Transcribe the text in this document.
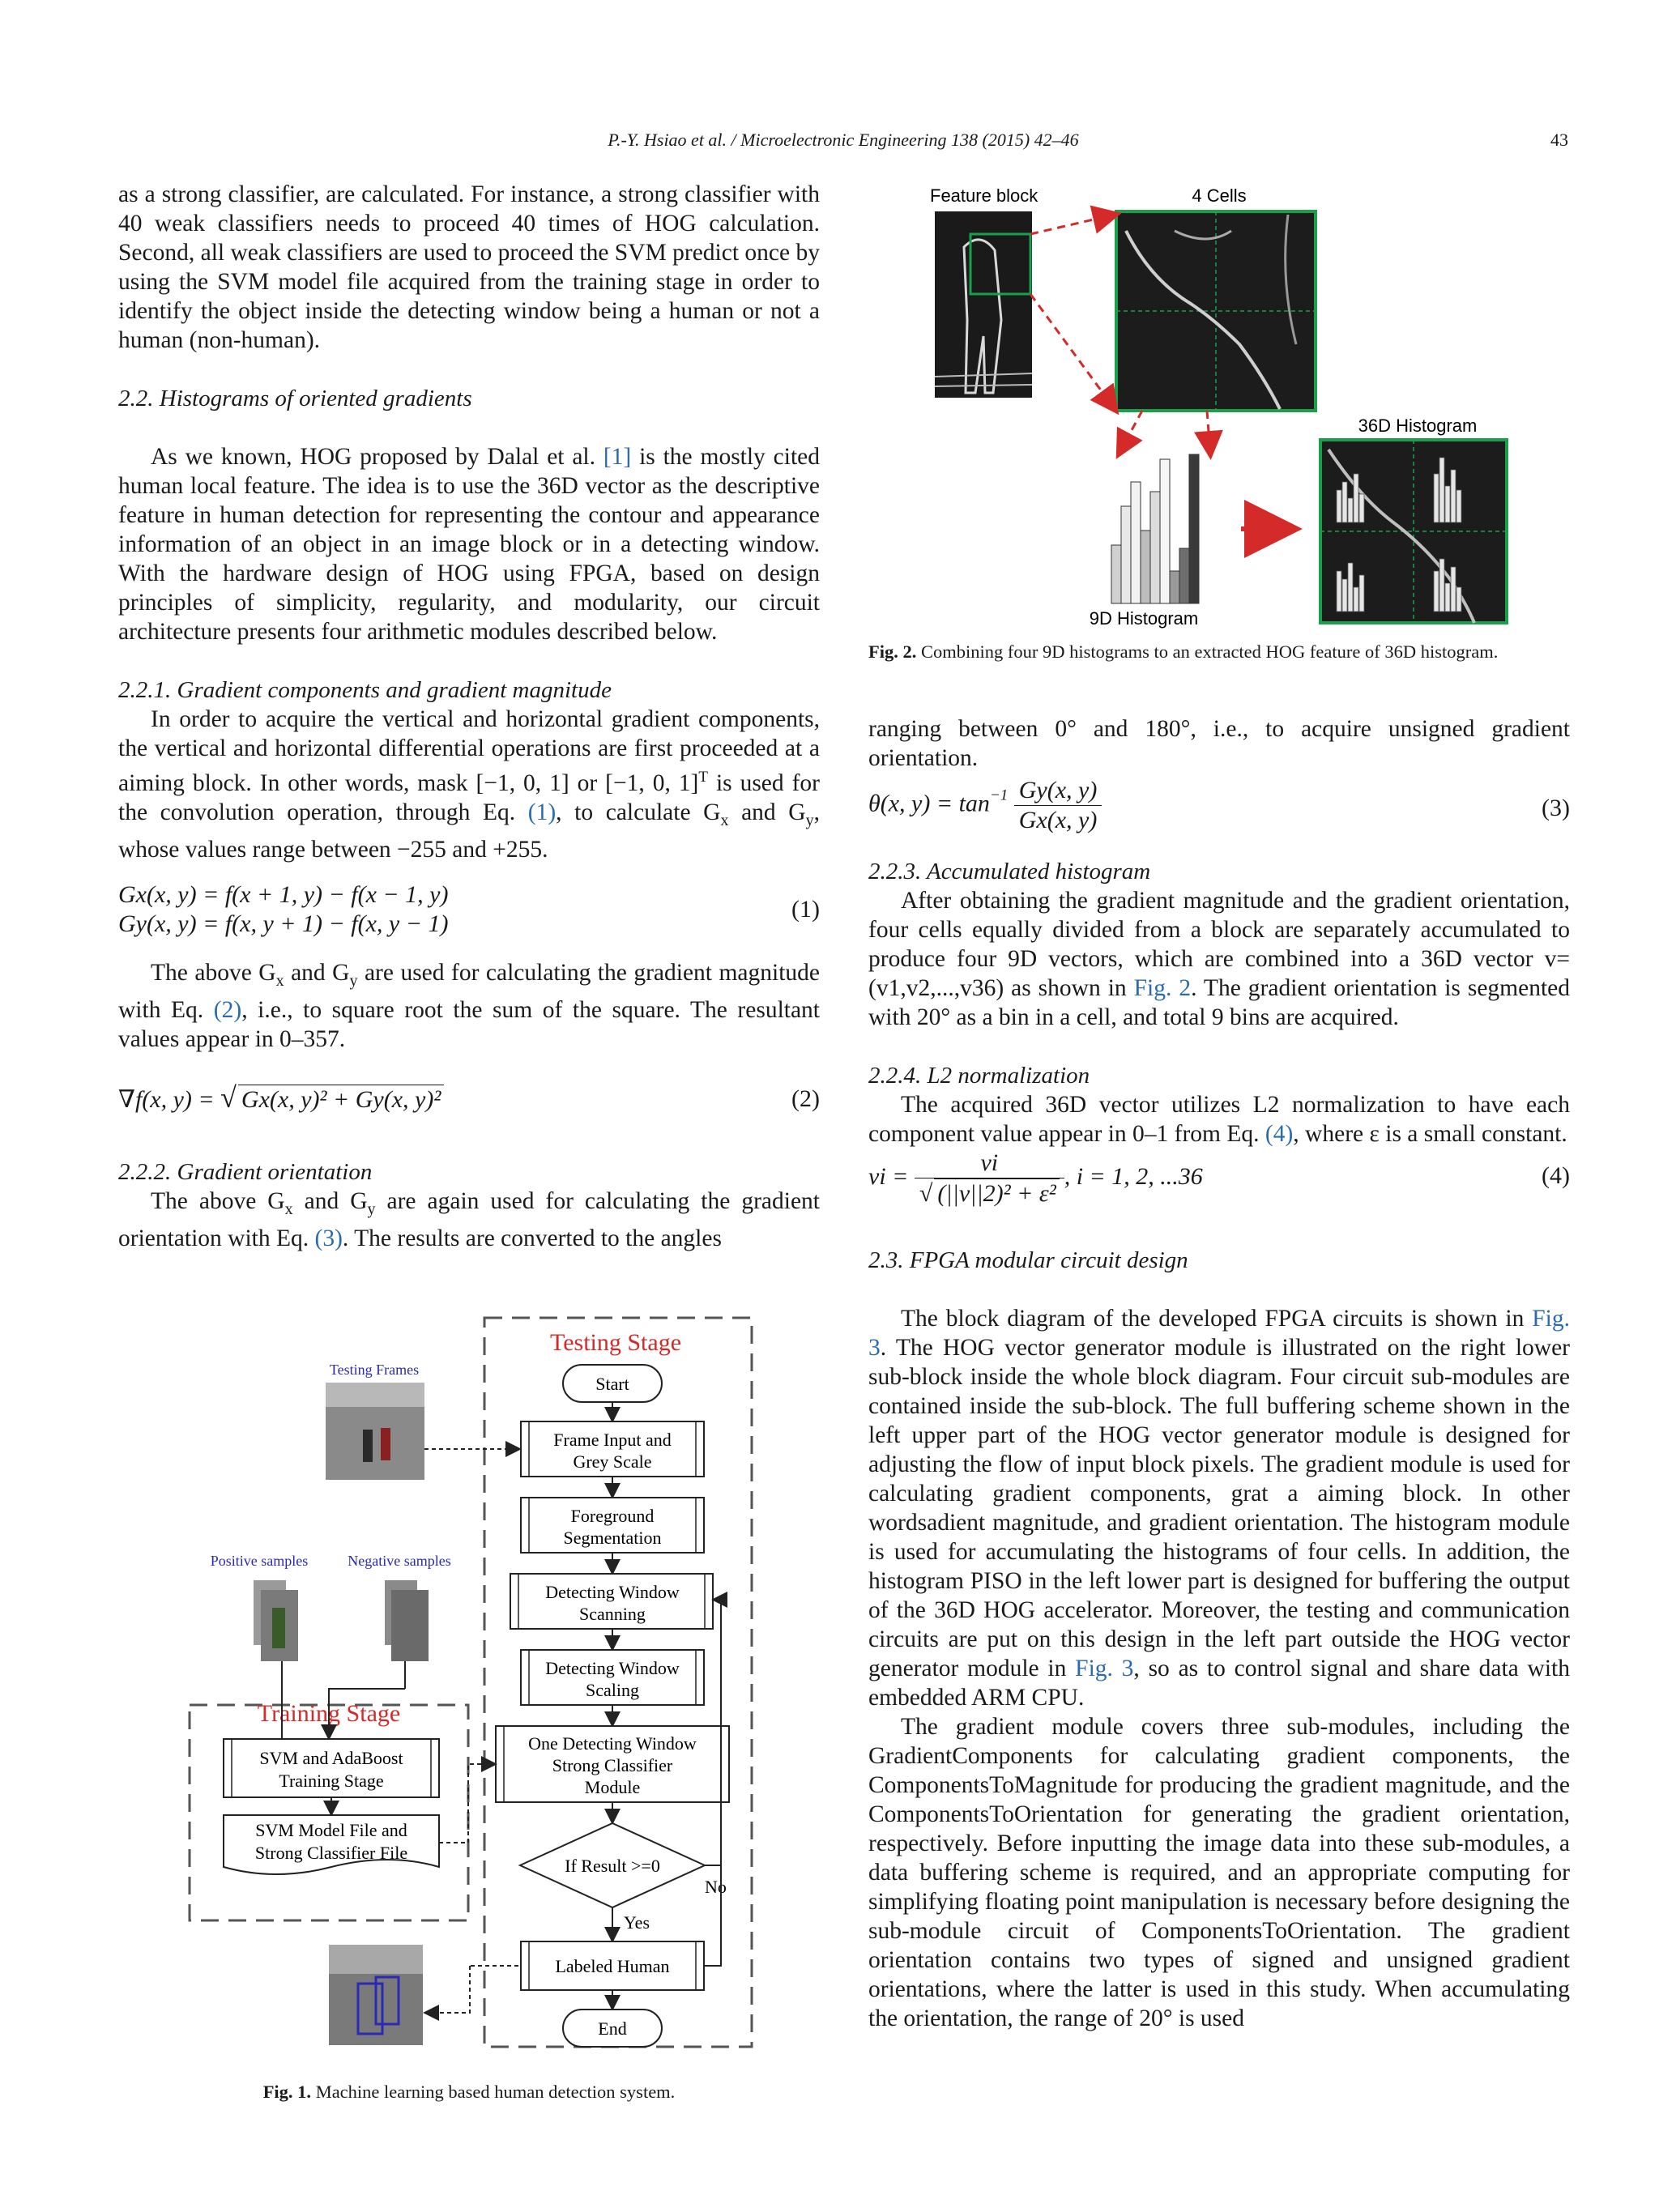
P.-Y. Hsiao et al. / Microelectronic Engineering 138 (2015) 42–46	43

as a strong classifier, are calculated. For instance, a strong classifier with 40 weak classifiers needs to proceed 40 times of HOG calculation. Second, all weak classifiers are used to proceed the SVM predict once by using the SVM model file acquired from the training stage in order to identify the object inside the detecting window being a human or not a human (non-human).

2.2. Histograms of oriented gradients

As we known, HOG proposed by Dalal et al. [1] is the mostly cited human local feature. The idea is to use the 36D vector as the descriptive feature in human detection for representing the contour and appearance information of an object in an image block or in a detecting window. With the hardware design of HOG using FPGA, based on design principles of simplicity, regularity, and modularity, our circuit architecture presents four arithmetic modules described below.

2.2.1. Gradient components and gradient magnitude

In order to acquire the vertical and horizontal gradient components, the vertical and horizontal differential operations are first proceeded at a aiming block. In other words, mask [−1, 0, 1] or [−1, 0, 1]$^T$ is used for the convolution operation, through Eq. (1), to calculate $G_x$ and $G_y$, whose values range between −255 and +255.

Gx(x, y) = f(x + 1, y) − f(x − 1, y)
Gy(x, y) = f(x, y + 1) − f(x, y − 1)
(1)

The above $G_x$ and $G_y$ are used for calculating the gradient magnitude with Eq. (2), i.e., to square root the sum of the square. The resultant values appear in 0–357.

∇f(x, y) = √ Gx(x, y)² + Gy(x, y)²	(2)
2.2.2. Gradient orientation

The above $G_x$ and $G_y$ are again used for calculating the gradient orientation with Eq. (3). The results are converted to the angles

Testing Stage
Start
Frame Input and
Grey Scale
Foreground
Segmentation
Detecting Window
Scanning
Detecting Window
Scaling
One Detecting Window
Strong Classifier
Module
If Result >=0
No
Yes
Labeled Human
End
Testing Frames
Training Stage
Positive samples	Negative samples
SVM and AdaBoost
Training Stage
SVM Model File and
Strong Classifier File
Fig. 1. Machine learning based human detection system.
Feature block	4 Cells
9D Histogram
36D Histogram
Fig. 2. Combining four 9D histograms to an extracted HOG feature of 36D histogram.

ranging between 0° and 180°, i.e., to acquire unsigned gradient orientation.

θ(x, $y) = \tan^{-1} \frac{Gy(x, y)}{Gx(x, y)}$	(3)
2.2.3. Accumulated histogram

After obtaining the gradient magnitude and the gradient orientation, four cells equally divided from a block are separately accumulated to produce four 9D vectors, which are combined into a 36D vector v=(v1,v2,...,v36) as shown in Fig. 2. The gradient orientation is segmented with 20° as a bin in a cell, and total 9 bins are acquired.

2.2.4. L2 normalization

The acquired 36D vector utilizes L2 normalization to have each component value appear in 0–1 from Eq. (4), where ε is a small constant.

vi = $\frac{vi}{\text{√ (||v||2)² + ε²}}$ , i = 1, 2, ...36	(4)
2.3. FPGA modular circuit design

The block diagram of the developed FPGA circuits is shown in Fig. 3. The HOG vector generator module is illustrated on the right lower sub-block inside the whole block diagram. Four circuit sub-modules are contained inside the sub-block. The full buffering scheme shown in the left upper part of the HOG vector generator module is designed for adjusting the flow of input block pixels. The gradient module is used for calculating gradient components, grat a aiming block. In other wordsadient magnitude, and gradient orientation. The histogram module is used for accumulating the histograms of four cells. In addition, the histogram PISO in the left lower part is designed for buffering the output of the 36D HOG accelerator. Moreover, the testing and communication circuits are put on this design in the left part outside the HOG vector generator module in Fig. 3, so as to control signal and share data with embedded ARM CPU.

The gradient module covers three sub-modules, including the GradientComponents for calculating gradient components, the ComponentsToMagnitude for producing the gradient magnitude, and the ComponentsToOrientation for generating the gradient orientation, respectively. Before inputting the image data into these sub-modules, a data buffering scheme is required, and an appropriate computing for simplifying floating point manipulation is necessary before designing the sub-module circuit of ComponentsToOrientation. The gradient orientation contains two types of signed and unsigned gradient orientations, where the latter is used in this study. When accumulating the orientation, the range of 20° is used
